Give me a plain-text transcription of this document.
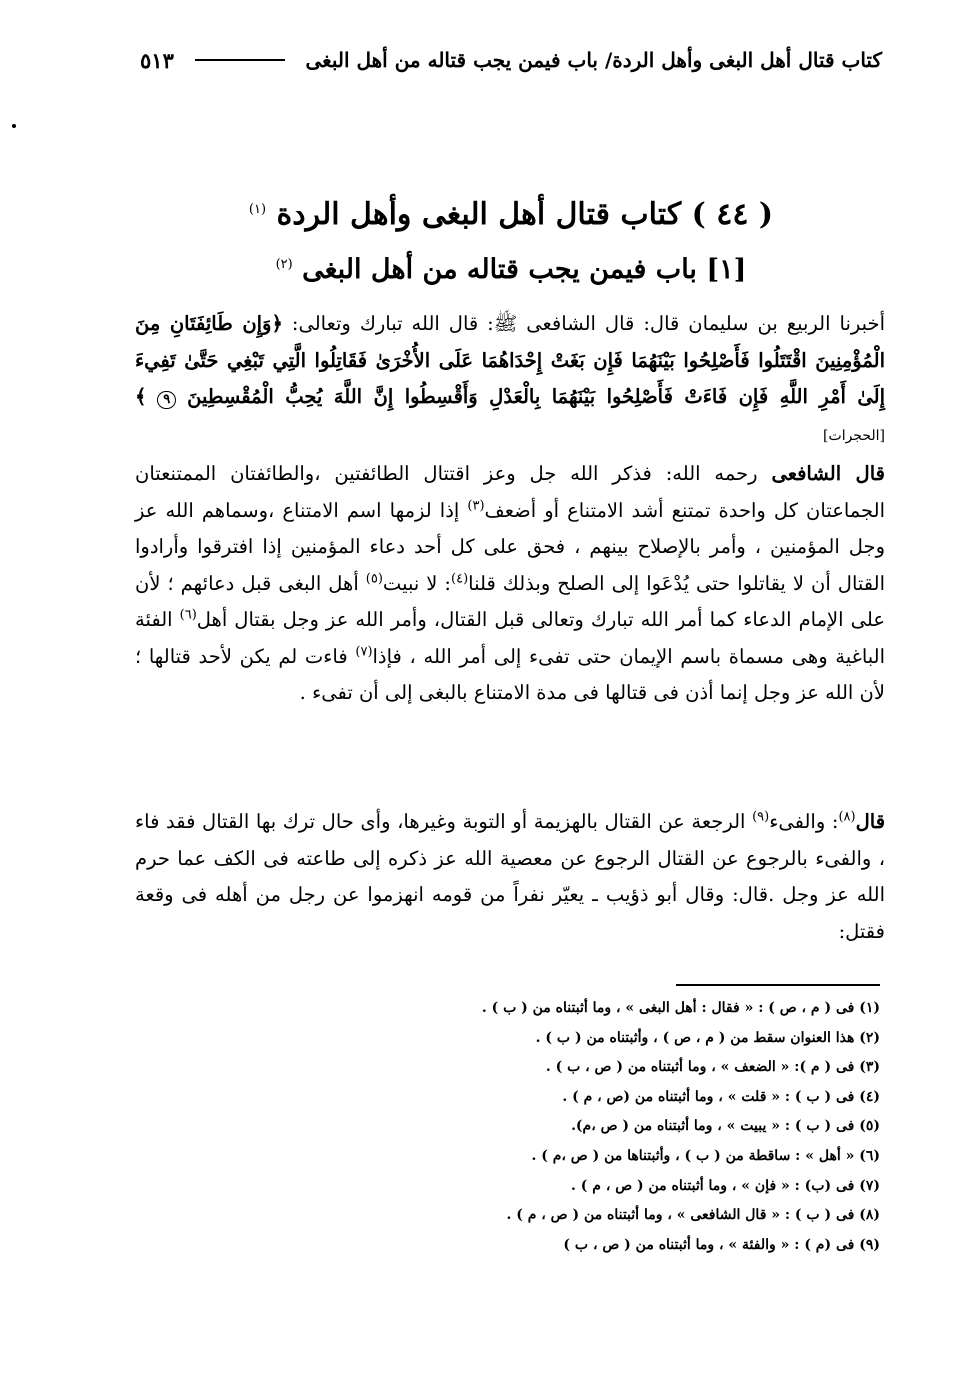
كتاب قتال أهل البغى وأهل الردة/ باب فيمن يجب قتاله من أهل البغى
٥١٣
( ٤٤ ) كتاب قتال أهل البغى وأهل الردة $^{(١)}$
[١] باب فيمن يجب قتاله من أهل البغى $^{(٢)}$
أخبرنا الربيع بن سليمان قال: قال الشافعى ﷺ: قال الله تبارك وتعالى: ﴿وَإِن طَائِفَتَانِ مِنَ الْمُؤْمِنِينَ اقْتَتَلُوا فَأَصْلِحُوا بَيْنَهُمَا فَإِن بَغَتْ إِحْدَاهُمَا عَلَى الأُخْرَىٰ فَقَاتِلُوا الَّتِي تَبْغِي حَتَّىٰ تَفِيءَ إِلَىٰ أَمْرِ اللَّهِ فَإِن فَاءَتْ فَأَصْلِحُوا بَيْنَهُمَا بِالْعَدْلِ وَأَقْسِطُوا إِنَّ اللَّهَ يُحِبُّ الْمُقْسِطِينَ ٩ ﴾ [الحجرات]
قال الشافعى رحمه الله: فذكر الله جل وعز اقتتال الطائفتين ،والطائفتان الممتنعتان الجماعتان كل واحدة تمتنع أشد الامتناع أو أضعف$^{(٣)}$ إذا لزمها اسم الامتناع ،وسماهم الله عز وجل المؤمنين ، وأمر بالإصلاح بينهم ، فحق على كل أحد دعاء المؤمنين إذا افترقوا وأرادوا القتال أن لا يقاتلوا حتى يُدْعَوا إلى الصلح وبذلك قلنا$^{(٤)}$: لا نبيت$^{(٥)}$ أهل البغى قبل دعائهم ؛ لأن على الإمام الدعاء كما أمر الله تبارك وتعالى قبل القتال، وأمر الله عز وجل بقتال أهل$^{(٦)}$ الفئة الباغية وهى مسماة باسم الإيمان حتى تفىء إلى أمر الله ، فإذا$^{(٧)}$ فاءت لم يكن لأحد قتالها ؛ لأن الله عز وجل إنما أذن فى قتالها فى مدة الامتناع بالبغى إلى أن تفىء .
قال$^{(٨)}$: والفىء$^{(٩)}$ الرجعة عن القتال بالهزيمة أو التوبة وغيرها، وأى حال ترك بها القتال فقد فاء ، والفىء بالرجوع عن القتال الرجوع عن معصية الله عز ذكره إلى طاعته فى الكف عما حرم الله عز وجل .قال: وقال أبو ذؤيب ـ يعيّر نفراً من قومه انهزموا عن رجل من أهله فى وقعة فقتل:
(١) فى ( م ، ص ) : « فقال : أهل البغى » ، وما أثبتناه من ( ب ) .
(٢) هذا العنوان سقط من ( م ، ص ) ، وأثبتناه من ( ب ) .
(٣) فى ( م ): « الضعف » ، وما أثبتناه من ( ص ، ب ) .
(٤) فى ( ب ) : « قلت » ، وما أثبتناه من (ص ، م ) .
(٥) فى ( ب ) : « يبيت » ، وما أثبتناه من ( ص ،م).
(٦) « أهل » : ساقطة من ( ب ) ، وأثبتناها من ( ص ،م ) .
(٧) فى (ب) : « فإن » ، وما أثبتناه من ( ص ، م ) .
(٨) فى ( ب ) : « قال الشافعى » ، وما أثبتناه من ( ص ، م ) .
(٩) فى (م ) : « والفئة » ، وما أثبتناه من ( ص ، ب )
